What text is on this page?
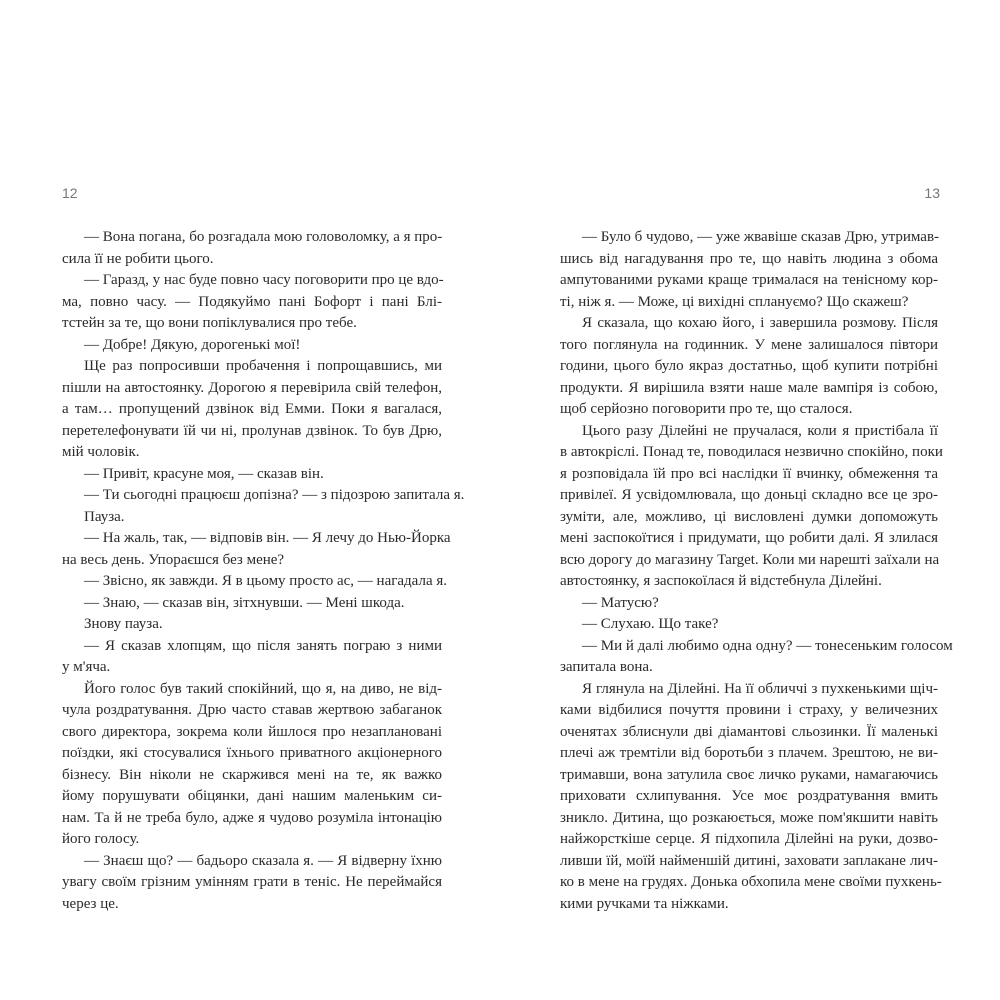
12	13
— Вона погана, бо розгадала мою головоломку, а я про-
сила її не робити цього.
— Гаразд, у нас буде повно часу поговорити про це вдо-
ма, повно часу. — Подякуймо пані Бофорт і пані Блі-
тстейн за те, що вони попіклувалися про тебе.
— Добре! Дякую, дорогенькі мої!
Ще раз попросивши пробачення і попрощавшись, ми
пішли на автостоянку. Дорогою я перевірила свій телефон,
а там… пропущений дзвінок від Емми. Поки я вагалася,
перетелефонувати їй чи ні, пролунав дзвінок. То був Дрю,
мій чоловік.
— Привіт, красуне моя, — сказав він.
— Ти сьогодні працюєш допізна? — з підозрою запитала я.
Пауза.
— На жаль, так, — відповів він. — Я лечу до Нью-Йорка
на весь день. Упораєшся без мене?
— Звісно, як завжди. Я в цьому просто ас, — нагадала я.
— Знаю, — сказав він, зітхнувши. — Мені шкода.
Знову пауза.
— Я сказав хлопцям, що після занять пограю з ними
у м'яча.
Його голос був такий спокійний, що я, на диво, не від-
чула роздратування. Дрю часто ставав жертвою забаганок
свого директора, зокрема коли йшлося про незаплановані
поїздки, які стосувалися їхнього приватного акціонерного
бізнесу. Він ніколи не скаржився мені на те, як важко
йому порушувати обіцянки, дані нашим маленьким си-
нам. Та й не треба було, адже я чудово розуміла інтонацію
його голосу.
— Знаєш що? — бадьоро сказала я. — Я відверну їхню
увагу своїм грізним умінням грати в теніс. Не переймайся
через це.
— Було б чудово, — уже жвавіше сказав Дрю, утримав-
шись від нагадування про те, що навіть людина з обома
ампутованими руками краще трималася на тенісному кор-
ті, ніж я. — Може, ці вихідні сплануємо? Що скажеш?
Я сказала, що кохаю його, і завершила розмову. Після
того поглянула на годинник. У мене залишалося півтори
години, цього було якраз достатньо, щоб купити потрібні
продукти. Я вирішила взяти наше мале вампіря із собою,
щоб серйозно поговорити про те, що сталося.
Цього разу Ділейні не пручалася, коли я пристібала її
в автокріслі. Понад те, поводилася незвично спокійно, поки
я розповідала їй про всі наслідки її вчинку, обмеження та
привілеї. Я усвідомлювала, що доньці складно все це зро-
зуміти, але, можливо, ці висловлені думки допоможуть
мені заспокоїтися і придумати, що робити далі. Я злилася
всю дорогу до магазину Target. Коли ми нарешті заїхали на
автостоянку, я заспокоїлася й відстебнула Ділейні.
— Матусю?
— Слухаю. Що таке?
— Ми й далі любимо одна одну? — тонесеньким голосом
запитала вона.
Я глянула на Ділейні. На її обличчі з пухкенькими щіч-
ками відбилися почуття провини і страху, у величезних
оченятах зблиснули дві діамантові сльозинки. Її маленькі
плечі аж тремтіли від боротьби з плачем. Зрештою, не ви-
тримавши, вона затулила своє личко руками, намагаючись
приховати схлипування. Усе моє роздратування вмить
зникло. Дитина, що розкаюється, може пом'якшити навіть
найжорсткіше серце. Я підхопила Ділейні на руки, дозво-
ливши їй, моїй найменшій дитині, заховати заплакане лич-
ко в мене на грудях. Донька обхопила мене своїми пухкень-
кими ручками та ніжками.
